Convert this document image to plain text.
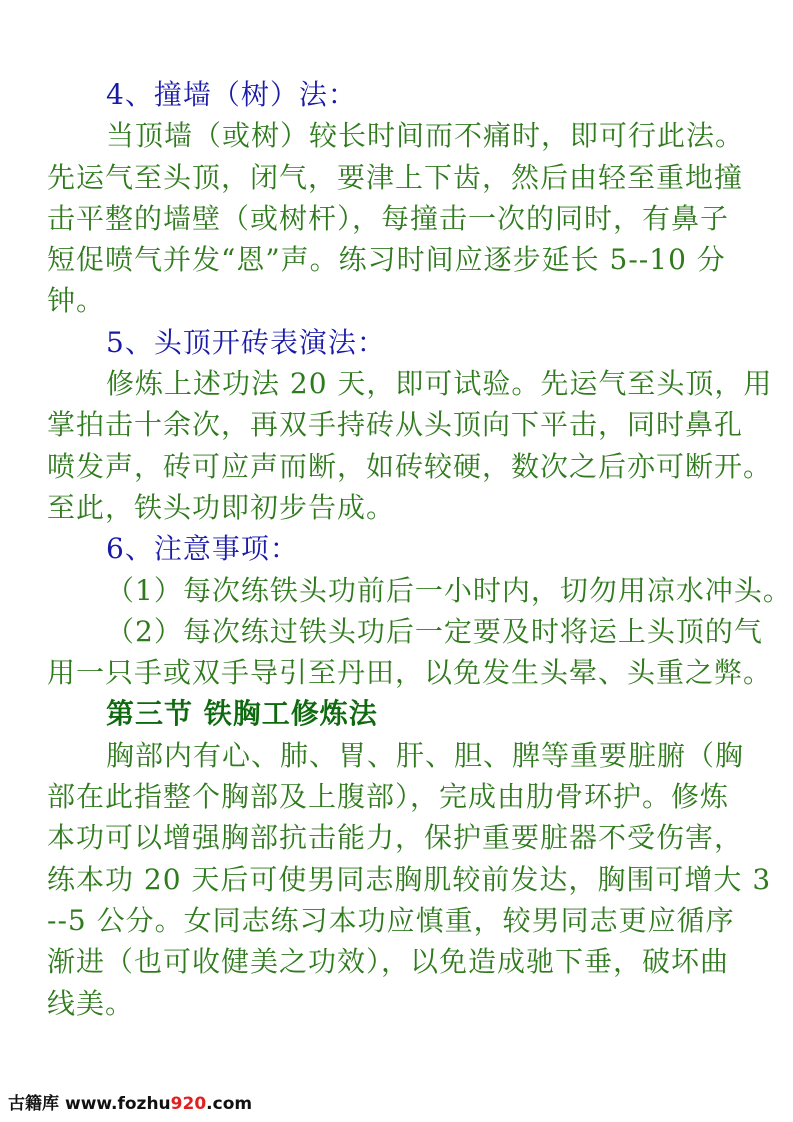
4、撞墙（树）法：
当顶墙（或树）较长时间而不痛时，即可行此法。
先运气至头顶，闭气，要津上下齿，然后由轻至重地撞
击平整的墙壁（或树杆），每撞击一次的同时，有鼻子
短促喷气并发“恩”声。练习时间应逐步延长 5--10 分
钟。
5、头顶开砖表演法：
修炼上述功法 20 天，即可试验。先运气至头顶，用
掌拍击十余次，再双手持砖从头顶向下平击，同时鼻孔
喷发声，砖可应声而断，如砖较硬，数次之后亦可断开。
至此，铁头功即初步告成。
6、注意事项：
（1）每次练铁头功前后一小时内，切勿用凉水冲头。
（2）每次练过铁头功后一定要及时将运上头顶的气
用一只手或双手导引至丹田，以免发生头晕、头重之弊。
第三节 铁胸工修炼法
胸部内有心、肺、胃、肝、胆、脾等重要脏腑（胸
部在此指整个胸部及上腹部），完成由肋骨环护。修炼
本功可以增强胸部抗击能力，保护重要脏器不受伤害，
练本功 20 天后可使男同志胸肌较前发达，胸围可增大 3
--5 公分。女同志练习本功应慎重，较男同志更应循序
渐进（也可收健美之功效），以免造成驰下垂，破坏曲
线美。
古籍库 www.fozhu920.com
